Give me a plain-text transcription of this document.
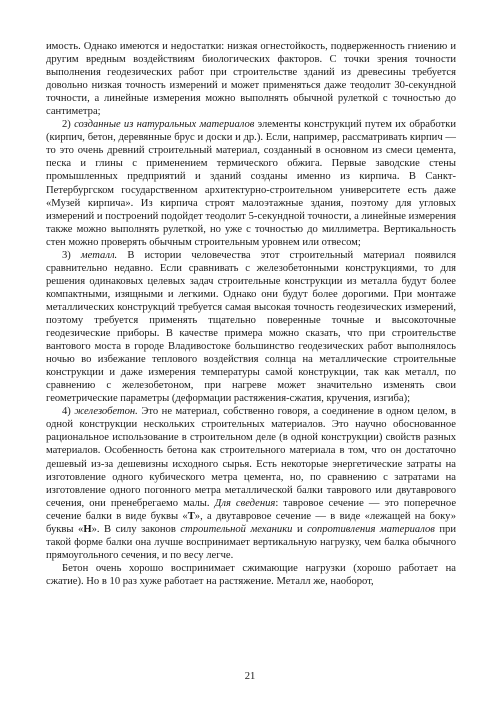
имость. Однако имеются и недостатки: низкая огнестойкость, подверженность гниению и другим вредным воздействиям биологических факторов. С точки зрения точности выполнения геодезических работ при строительстве зданий из древесины требуется довольно низкая точность измерений и может применяться даже теодолит 30-секундной точности, а линейные измерения можно выполнять обычной рулеткой с точностью до сантиметра;

2) созданные из натуральных материалов элементы конструкций путем их обработки (кирпич, бетон, деревянные брус и доски и др.). Если, например, рассматривать кирпич — то это очень древний строительный материал, созданный в основном из смеси цемента, песка и глины с применением термического обжига. Первые заводские стены промышленных предприятий и зданий созданы именно из кирпича. В Санкт-Петербургском государственном архитектурно-строительном университете есть даже «Музей кирпича». Из кирпича строят малоэтажные здания, поэтому для угловых измерений и построений подойдет теодолит 5-секундной точности, а линейные измерения также можно выполнять рулеткой, но уже с точностью до миллиметра. Вертикальность стен можно проверять обычным строительным уровнем или отвесом;

3) металл. В истории человечества этот строительный материал появился сравнительно недавно. Если сравнивать с железобетонными конструкциями, то для решения одинаковых целевых задач строительные конструкции из металла будут более компактными, изящными и легкими. Однако они будут более дорогими. При монтаже металлических конструкций требуется самая высокая точность геодезических измерений, поэтому требуется применять тщательно поверенные точные и высокоточные геодезические приборы. В качестве примера можно сказать, что при строительстве вантового моста в городе Владивостоке большинство геодезических работ выполнялось ночью во избежание теплового воздействия солнца на металлические строительные конструкции и даже измерения температуры самой конструкции, так как металл, по сравнению с железобетоном, при нагреве может значительно изменять свои геометрические параметры (деформации растяжения-сжатия, кручения, изгиба);

4) железобетон. Это не материал, собственно говоря, а соединение в одном целом, в одной конструкции нескольких строительных материалов. Это научно обоснованное рациональное использование в строительном деле (в одной конструкции) свойств разных материалов. Особенность бетона как строительного материала в том, что он достаточно дешевый из-за дешевизны исходного сырья. Есть некоторые энергетические затраты на изготовление одного кубического метра цемента, но, по сравнению с затратами на изготовление одного погонного метра металлической балки таврового или двутаврового сечения, они пренебрегаемо малы. Для сведения: тавровое сечение — это поперечное сечение балки в виде буквы «Т», а двутавровое сечение — в виде «лежащей на боку» буквы «Н». В силу законов строительной механики и сопротивления материалов при такой форме балки она лучше воспринимает вертикальную нагрузку, чем балка обычного прямоугольного сечения, и по весу легче.

Бетон очень хорошо воспринимает сжимающие нагрузки (хорошо работает на сжатие). Но в 10 раз хуже работает на растяжение. Металл же, наоборот,

21
